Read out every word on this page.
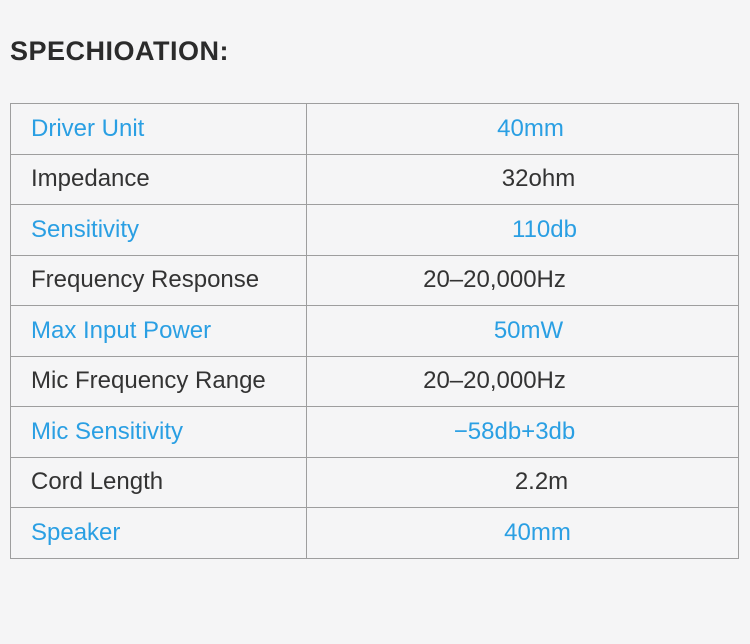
SPECHIOATION:
Driver Unit	40mm
Impedance	32ohm
Sensitivity	110db
Frequency Response	20–20,000Hz
Max Input Power	50mW
Mic Frequency Range	20–20,000Hz
Mic Sensitivity	−58db+3db
Cord Length	2.2m
Speaker	40mm
